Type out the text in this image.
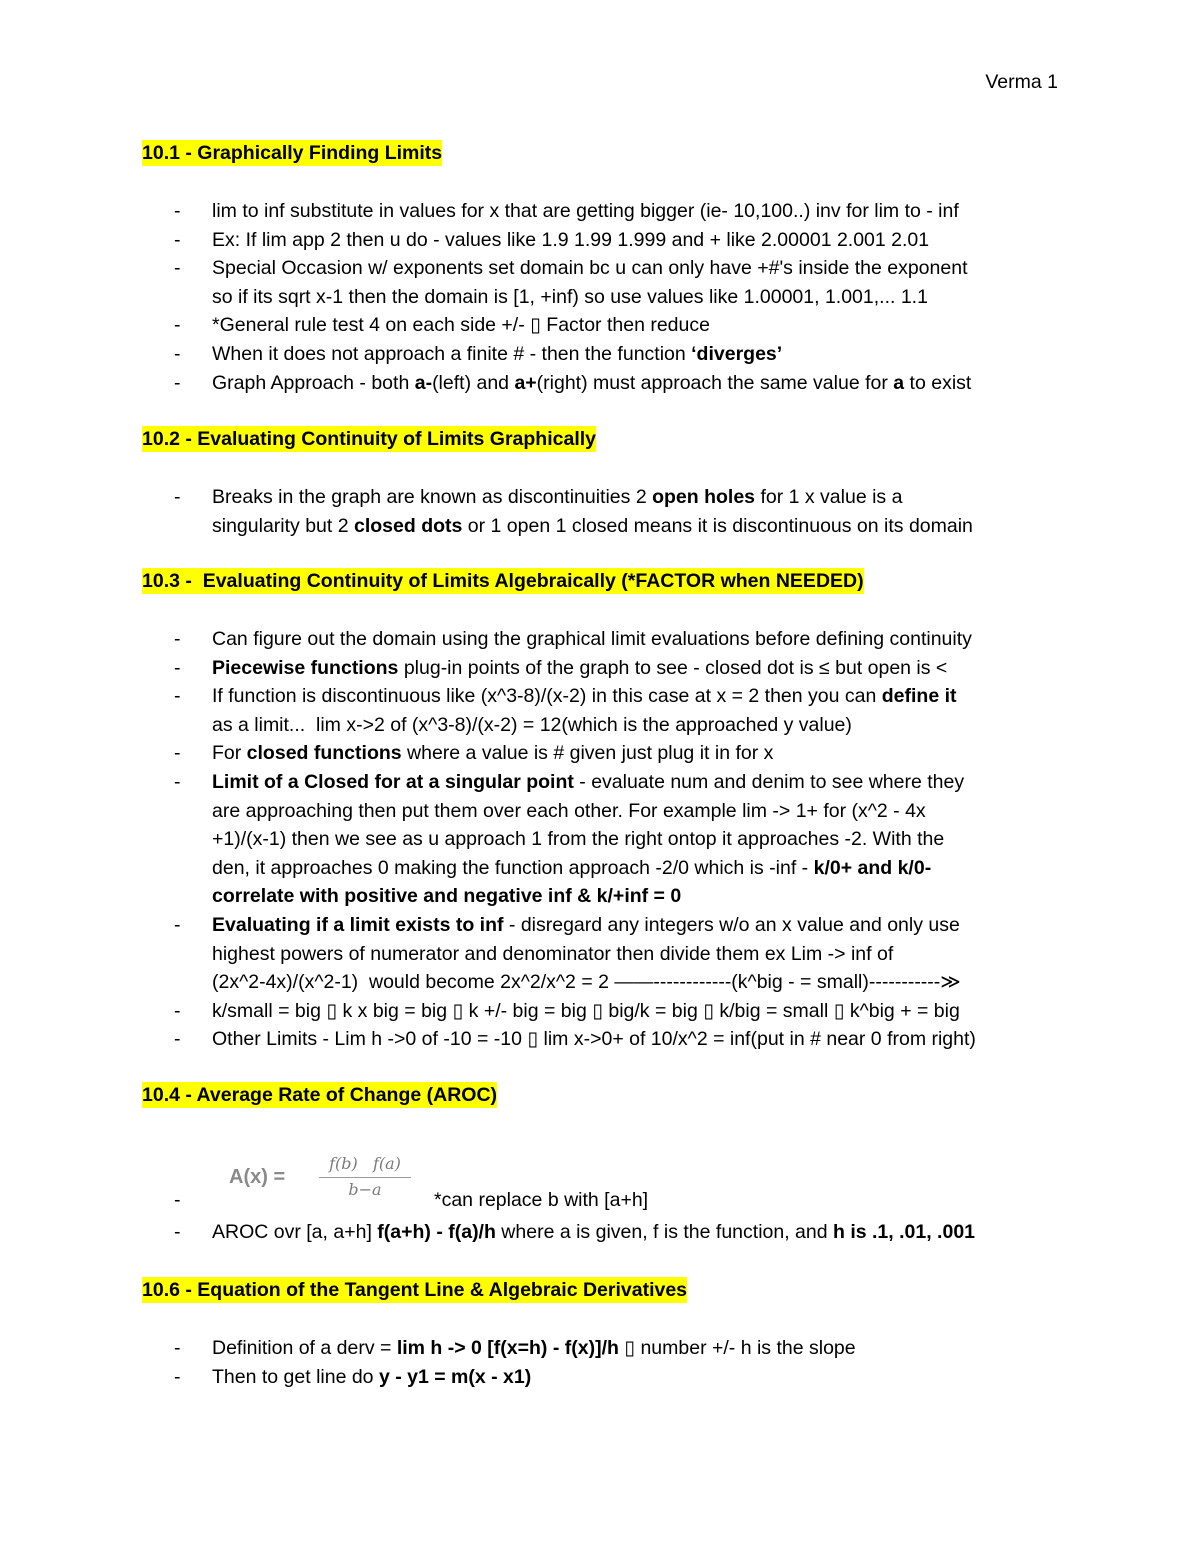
Verma 1
10.1 - Graphically Finding Limits
- lim to inf substitute in values for x that are getting bigger (ie- 10,100..) inv for lim to - inf
- Ex: If lim app 2 then u do - values like 1.9 1.99 1.999 and + like 2.00001 2.001 2.01
- Special Occasion w/ exponents set domain bc u can only have +#'s inside the exponent
so if its sqrt x-1 then the domain is [1, +inf) so use values like 1.00001, 1.001,... 1.1
- *General rule test 4 on each side +/- ▯ Factor then reduce
- When it does not approach a finite # - then the function ‘diverges’
- Graph Approach - both a-(left) and a+(right) must approach the same value for a to exist
10.2 - Evaluating Continuity of Limits Graphically
- Breaks in the graph are known as discontinuities 2 open holes for 1 x value is a
singularity but 2 closed dots or 1 open 1 closed means it is discontinuous on its domain
10.3 -  Evaluating Continuity of Limits Algebraically (*FACTOR when NEEDED)
- Can figure out the domain using the graphical limit evaluations before defining continuity
- Piecewise functions plug-in points of the graph to see - closed dot is ≤ but open is <
- If function is discontinuous like (x^3-8)/(x-2) in this case at x = 2 then you can define it
as a limit...  lim x->2 of (x^3-8)/(x-2) = 12(which is the approached y value)
- For closed functions where a value is # given just plug it in for x
- Limit of a Closed for at a singular point - evaluate num and denim to see where they
are approaching then put them over each other. For example lim -> 1+ for (x^2 - 4x
+1)/(x-1) then we see as u approach 1 from the right ontop it approaches -2. With the
den, it approaches 0 making the function approach -2/0 which is -inf - k/0+ and k/0-
correlate with positive and negative inf & k/+inf = 0
- Evaluating if a limit exists to inf - disregard any integers w/o an x value and only use
highest powers of numerator and denominator then divide them ex Lim -> inf of
(2x^2-4x)/(x^2-1)  would become 2x^2/x^2 = 2 ——------------(k^big - = small)-----------≫
- k/small = big ▯ k x big = big ▯ k +/- big = big ▯ big/k = big ▯ k/big = small ▯ k^big + = big
- Other Limits - Lim h ->0 of -10 = -10 ▯ lim x->0+ of 10/x^2 = inf(put in # near 0 from right)
10.4 - Average Rate of Change (AROC)
A(x) =
f(b)   f(a)
b−a
-	*can replace b with [a+h]
- AROC ovr [a, a+h] f(a+h) - f(a)/h where a is given, f is the function, and h is .1, .01, .001
10.6 - Equation of the Tangent Line & Algebraic Derivatives
- Definition of a derv = lim h -> 0 [f(x=h) - f(x)]/h ▯ number +/- h is the slope
- Then to get line do y - y1 = m(x - x1)
